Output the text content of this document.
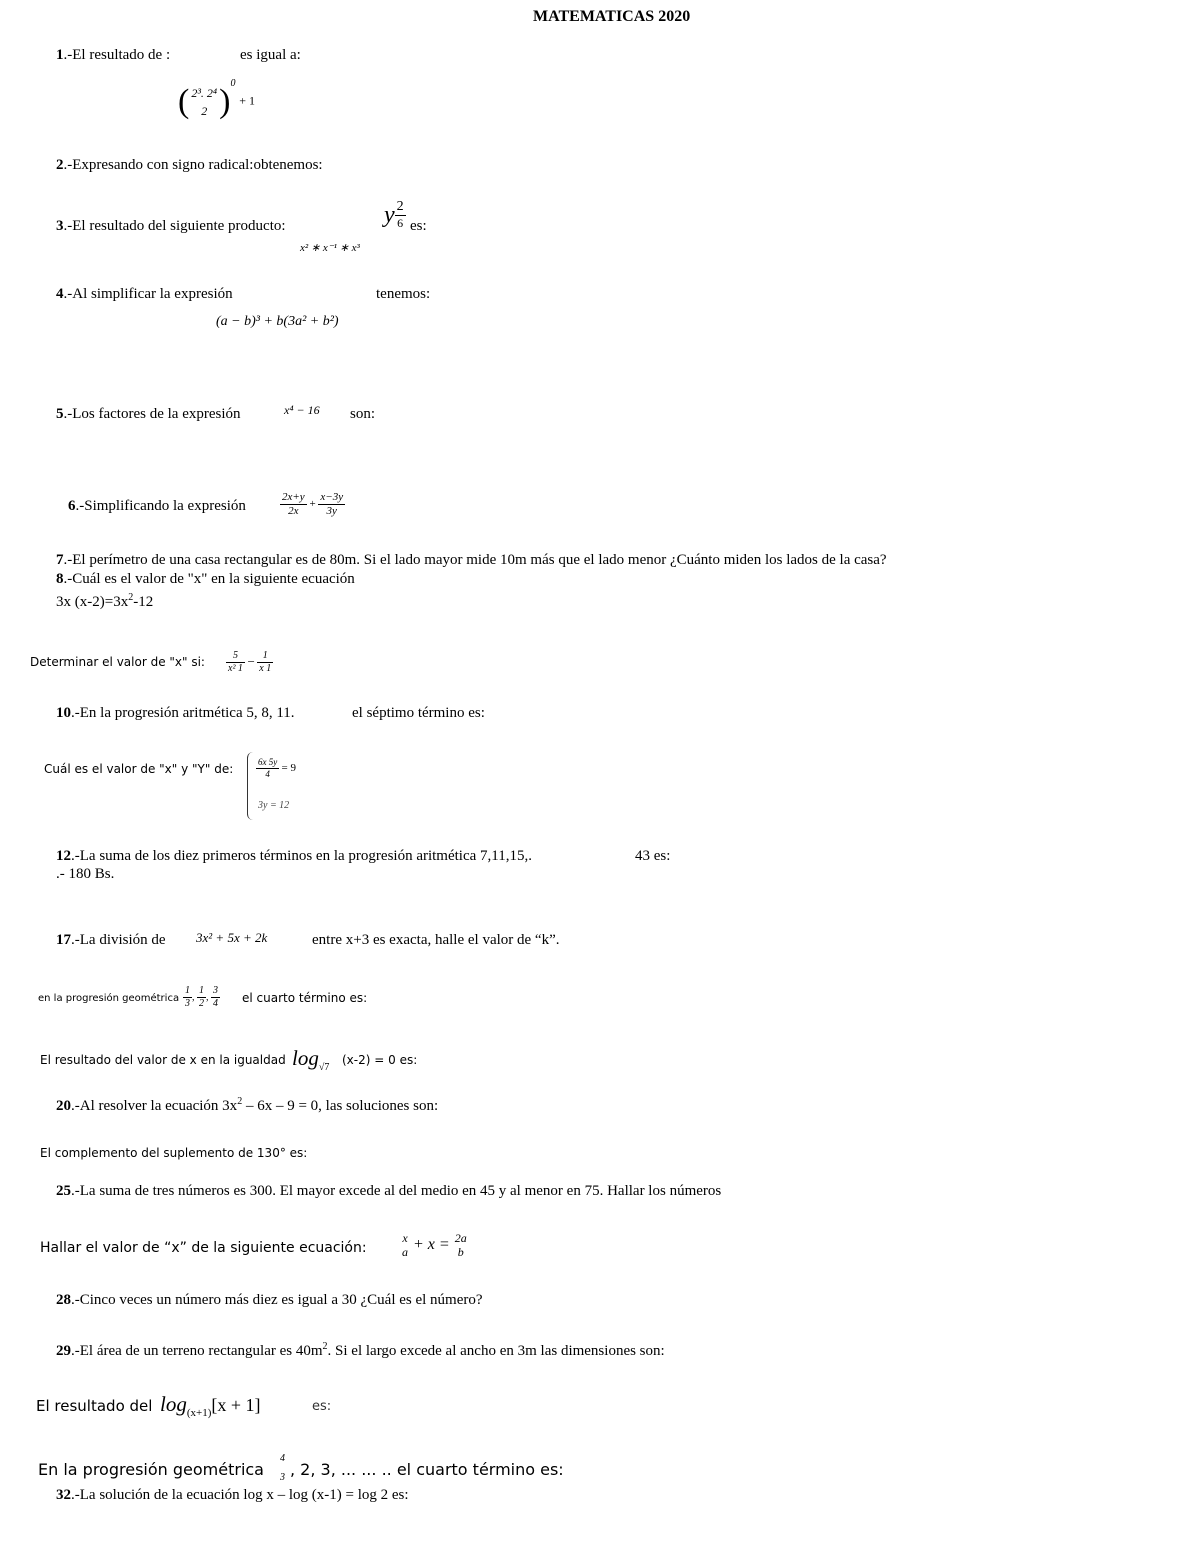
MATEMATICAS 2020
1.-El resultado de :	es igual a:
( 2³. 2⁴
2 )$^0$ + 1
2.-Expresando con signo radical:obtenemos:
3.-El resultado del siguiente producto:	y $\frac{2}{6}$ es:
x² ∗ x⁻¹ ∗ x³
4.-Al simplificar la expresión	tenemos:
(a − b)³ + b(3a² + b²)
5.-Los factores de la expresión	x⁴ − 16 son:
6.-Simplificando la expresión	$\frac{2x+y}{2x} + \frac{x-3y}{3y}$
7.-El perímetro de una casa rectangular es de 80m. Si el lado mayor mide 10m más que el lado menor ¿Cuánto miden los lados de la casa?
8.-Cuál es el valor de "x" en la siguiente ecuación
3x $(x-2)=3x^2-12$
Determinar el valor de "x" si: $\frac{5}{\text{x² 1}} - \frac{1}{x 1}$
10.-En la progresión aritmética 5, 8, 11.	el séptimo término es:
Cuál es el valor de "x" y "Y" de:	$\frac{6x 5y}{4} = 9$
3y = 12
12.-La suma de los diez primeros términos en la progresión aritmética 7,11,15,.	43 es:
.- 180 Bs.
17.-La división de 3x² + 5x + 2k	entre x+3 es exacta, halle el valor de “k”.
en la progresión geométrica $\frac{1}{3}$ , $\frac{1}{2}$ , $\frac{3}{4}$ el cuarto término es:
El resultado del valor de x en la igualdad $\log_{√7}$
(x-2) = 0 es:
20.-Al resolver la ecuación $3x^2 - 6x - 9 = 0$, las soluciones son:
El complemento del suplemento de 130° es:
25.-La suma de tres números es 300. El mayor excede al del medio en 45 y al menor en 75. Hallar los números
Hallar el valor de “x” de la siguiente ecuación:
x
a + x = 2a
b
28.-Cinco veces un número más diez es igual a 30 ¿Cuál es el número?
29.-El área de un terreno rectangular es $40m^2$. Si el largo excede al ancho en 3m las dimensiones son:
El resultado del $\log_{(x+1)}[x + 1]$	es:
En la progresión geométrica
4
3 , 2, 3, ... ... .. el cuarto término es:
32.-La solución de la ecuación log x – log (x-1) = log 2 es:
